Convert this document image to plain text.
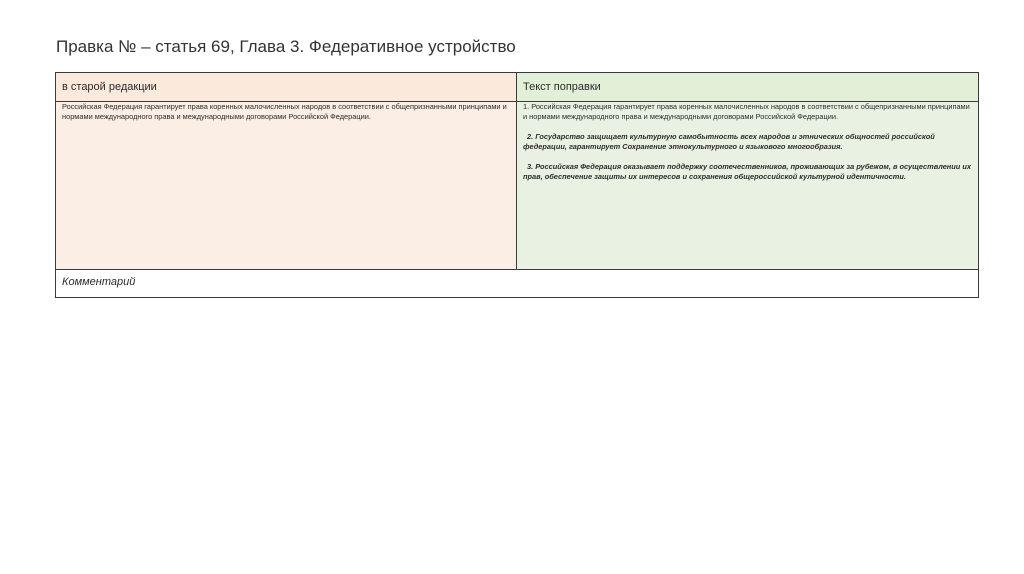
Правка № – статья 69, Глава 3. Федеративное устройство
в старой редакции	Текст поправки

Российская Федерация гарантирует права коренных малочисленных народов в соответствии с общепризнанными принципами и нормами международного права и международными договорами Российской Федерации.	1. Российская Федерация гарантирует права коренных малочисленных народов в соответствии с общепризнанными принципами и нормами международного права и международными договорами Российской Федерации.

2. Государство защищает культурную самобытность всех народов и этнических общностей российской федерации, гарантирует Сохранение этнокультурного и языкового многообразия.

3. Российская Федерация оказывает поддержку соотечественников, проживающих за рубежом, в осуществлении их прав, обеспечение защиты их интересов и сохранения общероссийской культурной идентичности.

Комментарий	
